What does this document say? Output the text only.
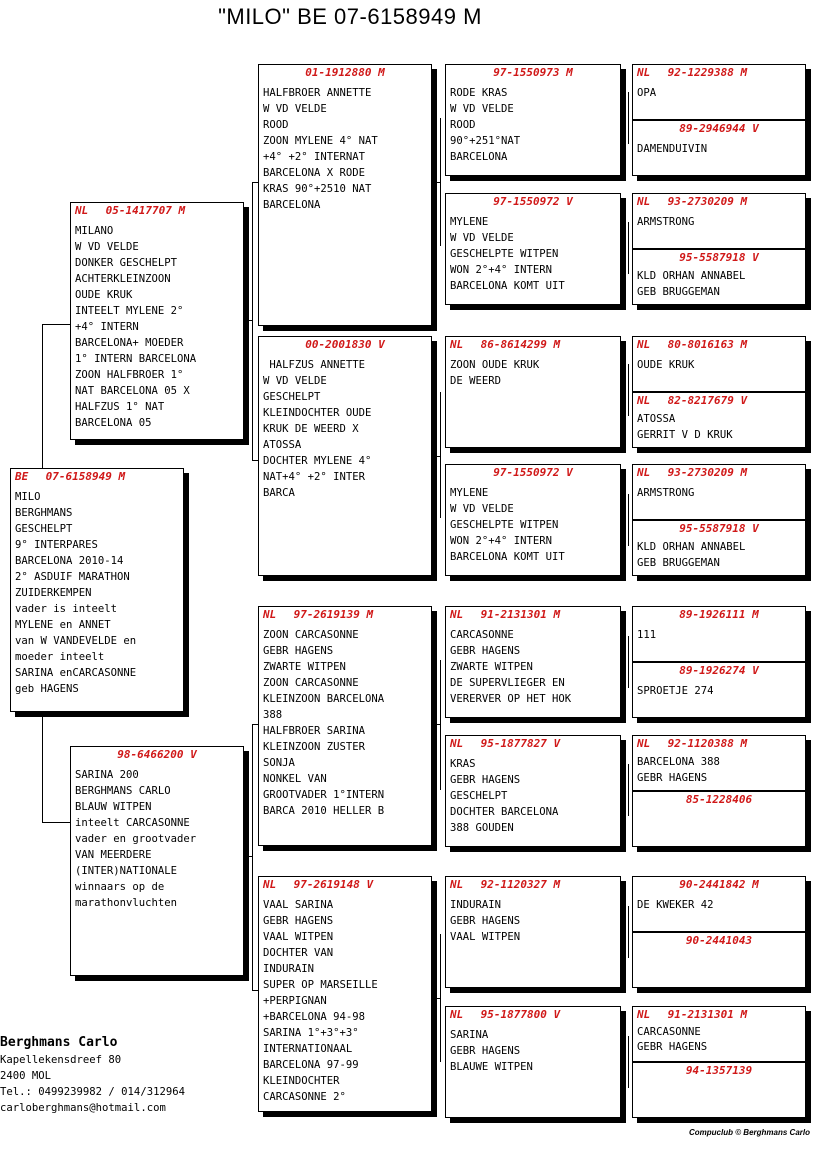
"MILO" BE 07-6158949 M
BE 07-6158949 M
MILO
BERGHMANS
GESCHELPT
9° INTERPARES
BARCELONA 2010-14
2° ASDUIF MARATHON
ZUIDERKEMPEN
vader is inteelt
MYLENE en ANNET
van W VANDEVELDE en
moeder inteelt
SARINA enCARCASONNE
geb HAGENS
NL 05-1417707 M
MILANO
W VD VELDE
DONKER GESCHELPT
ACHTERKLEINZOON
OUDE KRUK
INTEELT MYLENE 2°
+4° INTERN
BARCELONA+ MOEDER
1° INTERN BARCELONA
ZOON HALFBROER 1°
NAT BARCELONA 05 X
HALFZUS 1° NAT
BARCELONA 05
98-6466200 V
SARINA 200
BERGHMANS CARLO
BLAUW WITPEN
inteelt CARCASONNE
vader en grootvader
VAN MEERDERE
(INTER)NATIONALE
winnaars op de
marathonvluchten
01-1912880 M
HALFBROER ANNETTE
W VD VELDE
ROOD
ZOON MYLENE 4° NAT
+4° +2° INTERNAT
BARCELONA X RODE
KRAS 90°+2510 NAT
BARCELONA
00-2001830 V
HALFZUS ANNETTE
W VD VELDE
GESCHELPT
KLEINDOCHTER OUDE
KRUK DE WEERD X
ATOSSA
DOCHTER MYLENE 4°
NAT+4° +2° INTER
BARCA
NL 97-2619139 M
ZOON CARCASONNE
GEBR HAGENS
ZWARTE WITPEN
ZOON CARCASONNE
KLEINZOON BARCELONA
388
HALFBROER SARINA
KLEINZOON ZUSTER
SONJA
NONKEL VAN
GROOTVADER 1°INTERN
BARCA 2010 HELLER B
NL 97-2619148 V
VAAL SARINA
GEBR HAGENS
VAAL WITPEN
DOCHTER VAN
INDURAIN
SUPER OP MARSEILLE
+PERPIGNAN
+BARCELONA 94-98
SARINA 1°+3°+3°
INTERNATIONAAL
BARCELONA 97-99
KLEINDOCHTER
CARCASONNE 2°
97-1550973 M
RODE KRAS
W VD VELDE
ROOD
90°+251°NAT
BARCELONA
97-1550972 V
MYLENE
W VD VELDE
GESCHELPTE WITPEN
WON 2°+4° INTERN
BARCELONA KOMT UIT
NL 86-8614299 M
ZOON OUDE KRUK
DE WEERD
97-1550972 V
MYLENE
W VD VELDE
GESCHELPTE WITPEN
WON 2°+4° INTERN
BARCELONA KOMT UIT
NL 91-2131301 M
CARCASONNE
GEBR HAGENS
ZWARTE WITPEN
DE SUPERVLIEGER EN
VERERVER OP HET HOK
NL 95-1877827 V
KRAS
GEBR HAGENS
GESCHELPT
DOCHTER BARCELONA
388 GOUDEN
NL 92-1120327 M
INDURAIN
GEBR HAGENS
VAAL WITPEN
NL 95-1877800 V
SARINA
GEBR HAGENS
BLAUWE WITPEN
NL 92-1229388 M
OPA
89-2946944 V
DAMENDUIVIN
NL 93-2730209 M
ARMSTRONG
95-5587918 V
KLD ORHAN ANNABEL
GEB BRUGGEMAN
NL 80-8016163 M
OUDE KRUK
NL 82-8217679 V
ATOSSA
GERRIT V D KRUK
NL 93-2730209 M
ARMSTRONG
95-5587918 V
KLD ORHAN ANNABEL
GEB BRUGGEMAN
89-1926111 M
111
89-1926274 V
SPROETJE 274
NL 92-1120388 M
BARCELONA 388
GEBR HAGENS
85-1228406
90-2441842 M
DE KWEKER 42
90-2441043
NL 91-2131301 M
CARCASONNE
GEBR HAGENS
94-1357139
Berghmans Carlo
Kapellekensdreef 80
2400 MOL
Tel.: 0499239982 / 014/312964
carloberghmans@hotmail.com
Compuclub © Berghmans Carlo
